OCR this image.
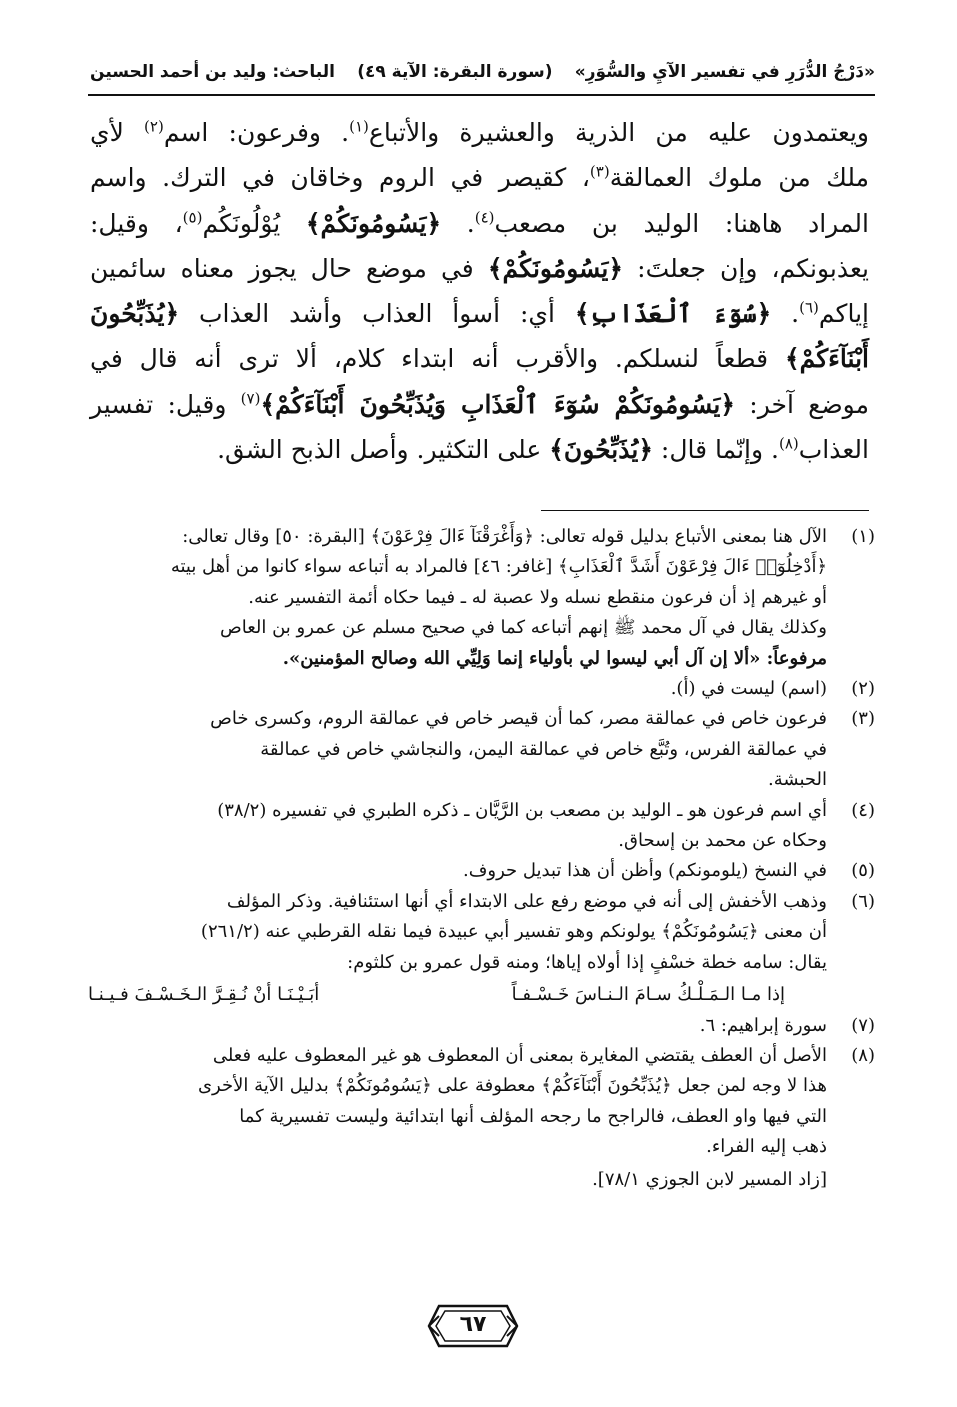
«دَرْجُ الدُّرَرِ في تفسير الآيِ والسُّوَرِ»
(سورة البقرة: الآية ٤٩)
الباحث: وليد بن أحمد الحسين

ويعتمدون عليه من الذرية والعشيرة والأتباع$^{(١)}$. وفرعون: اسم$^{(٢)}$ لأي

ملك من ملوك العمالقة$^{(٣)}$، كقيصر في الروم وخاقان في الترك. واسم

المراد هاهنا: الوليد بن مصعب$^{(٤)}$. ﴿يَسُومُونَكُمْ﴾ يُوْلُونَكُم$^{(٥)}$، وقيل:

يعذبونكم، وإن جعلتَ: ﴿يَسُومُونَكُمْ﴾ في موضع حال يجوز معناه سائمين

إياكم$^{(٦)}$. ﴿سُوٓءَ ٱلْعَذَابِ﴾ أي: أسوأ العذاب وأشد العذاب ﴿يُذَبِّحُونَ

أَبْنَآءَكُمْ﴾ قطعاً لنسلكم. والأقرب أنه ابتداء كلام، ألا ترى أنه قال في

موضع آخر: ﴿يَسُومُونَكُمْ سُوٓءَ ٱلْعَذَابِ وَيُذَبِّحُونَ أَبْنَآءَكُمْ﴾$^{(٧)}$ وقيل: تفسير

العذاب$^{(٨)}$. وإنّما قال: ﴿يُذَبِّحُونَ﴾ على التكثير. وأصل الذبح الشق.

(١)

الآل هنا بمعنى الأتباع بدليل قوله تعالى: ﴿وَأَغْرَقْنَآ ءَالَ فِرْعَوْنَ﴾ [البقرة: ٥٠] وقال تعالى:

﴿أَدْخِلُوٓا۟ ءَالَ فِرْعَوْنَ أَشَدَّ ٱلْعَذَابِ﴾ [غافر: ٤٦] فالمراد به أتباعه سواء كانوا من أهل بيته

أو غيرهم إذ أن فرعون منقطع نسله ولا عصبة له ـ فيما حكاه أئمة التفسير عنه.

وكذلك يقال في آل محمد ﷺ إنهم أتباعه كما في صحيح مسلم عن عمرو بن العاص

مرفوعاً: «ألا إن آل أبي ليسوا لي بأولياء إنما وَلِيِّي الله وصالح المؤمنين».

(٢)

(اسم) ليست في (أ).

(٣)

فرعون خاص في عمالقة مصر، كما أن قيصر خاص في عمالقة الروم، وكسرى خاص

في عمالقة الفرس، وتُبَّع خاص في عمالقة اليمن، والنجاشي خاص في عمالقة

الحبشة.

(٤)

أي اسم فرعون هو ـ الوليد بن مصعب بن الرَّيَّان ـ ذكره الطبري في تفسيره (٣٨/٢)

وحكاه عن محمد بن إسحاق.

(٥)

في النسخ (يلومونكم) وأظن أن هذا تبديل حروف.

(٦)

وذهب الأخفش إلى أنه في موضع رفع على الابتداء أي أنها استئنافية. وذكر المؤلف

أن معنى ﴿يَسُومُونَكُمْ﴾ يولونكم وهو تفسير أبي عبيدة فيما نقله القرطبي عنه (٢٦١/٢)

يقال: سامه خطة خسْفٍ إذا أولاه إياها؛ ومنه قول عمرو بن كلثوم:

إذا مـا الـمَـلْـكُ سـامَ الـنـاسَ خَـسْـفـاً
أبَـيْـنَـا أنْ نُـقِـرَّ الـخَـسْـفَ فـيـنـا
(٧)

سورة إبراهيم: ٦.

(٨)

الأصل أن العطف يقتضي المغايرة بمعنى أن المعطوف هو غير المعطوف عليه فعلى

هذا لا وجه لمن جعل ﴿يُذَبِّحُونَ أَبْنَآءَكُمْ﴾ معطوفة على ﴿يَسُومُونَكُمْ﴾ بدليل الآية الأخرى

التي فيها واو العطف، فالراجح ما رجحه المؤلف أنها ابتدائية وليست تفسيرية كما

ذهب إليه الفراء.

[زاد المسير لابن الجوزي ٧٨/١].

٦٧
